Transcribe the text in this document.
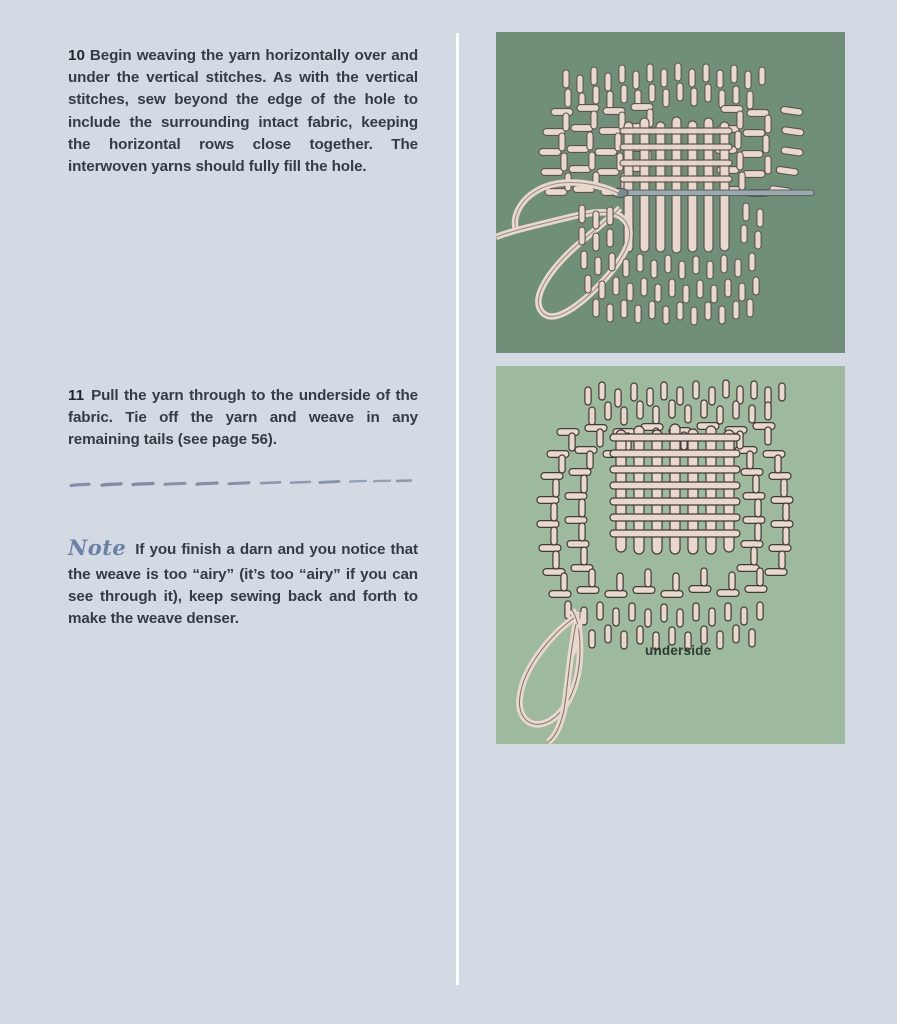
10 Begin weaving the yarn horizontally over and under the vertical stitches. As with the vertical stitches, sew beyond the edge of the hole to include the surrounding intact fabric, keeping the horizontal rows close together. The interwoven yarns should fully fill the hole.

11 Pull the yarn through to the underside of the fabric. Tie off the yarn and weave in any remaining tails (see page 56).

Note If you finish a darn and you notice that the weave is too “airy” (it’s too “airy” if you can see through it), keep sewing back and forth to make the weave denser.

underside
